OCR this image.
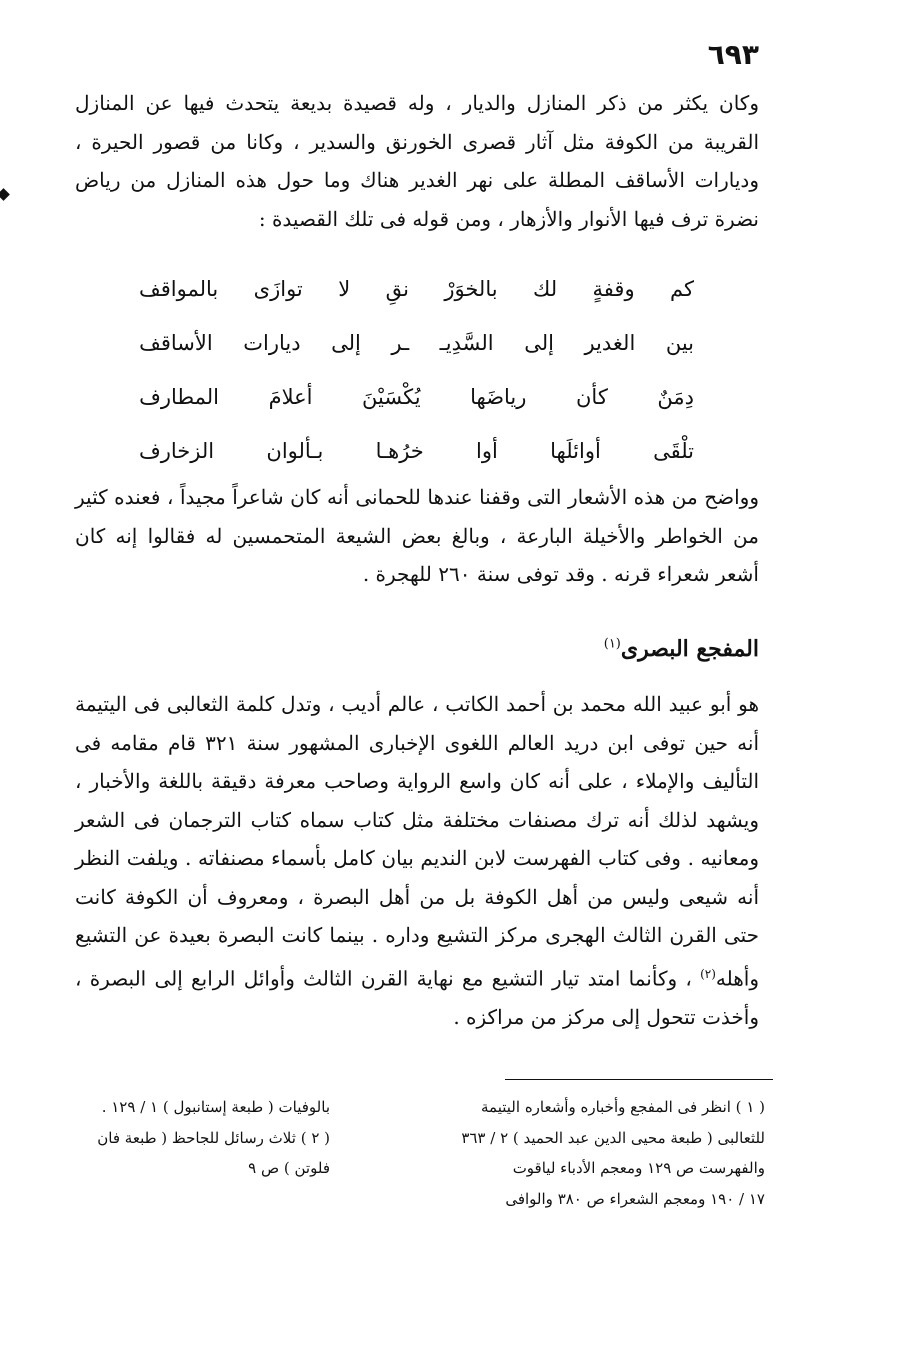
٣٩٦

وكان يكثر من ذكر المنازل والديار ، وله قصيدة بديعة يتحدث فيها عن المنازل القريبة من الكوفة مثل آثار قصرى الخورنق والسدير ، وكانا من قصور الحيرة ، وديارات الأساقف المطلة على نهر الغدير هناك وما حول هذه المنازل من رياض نضرة ترف فيها الأنوار والأزهار ، ومن قوله فى تلك القصيدة :

كم
وقفةٍ
لك
بالخوَرْ
نقِ
لا
توازَى
بالمواقف
بين
الغدير
إلى
السَّدِيـ
ـر
إلى
ديارات
الأساقف
دِمَنٌ
كأن
رياضَها
يُكْسَيْنَ
أعلامَ
المطارف
تلْقَى
أوائلَها
أوا
خرُهـا
بـألوان
الزخارف

وواضح من هذه الأشعار التى وقفنا عندها للحمانى أنه كان شاعراً مجيداً ، فعنده كثير من الخواطر والأخيلة البارعة ، وبالغ بعض الشيعة المتحمسين له فقالوا إنه كان أشعر شعراء قرنه . وقد توفى سنة ٢٦٠ للهجرة .

المفجع البصرى$^{(١)}$

هو أبو عبيد الله محمد بن أحمد الكاتب ، عالم أديب ، وتدل كلمة الثعالبى فى اليتيمة أنه حين توفى ابن دريد العالم اللغوى الإخبارى المشهور سنة ٣٢١ قام مقامه فى التأليف والإملاء ، على أنه كان واسع الرواية وصاحب معرفة دقيقة باللغة والأخبار ، ويشهد لذلك أنه ترك مصنفات مختلفة مثل كتاب سماه كتاب الترجمان فى الشعر ومعانيه . وفى كتاب الفهرست لابن النديم بيان كامل بأسماء مصنفاته . ويلفت النظر أنه شيعى وليس من أهل الكوفة بل من أهل البصرة ، ومعروف أن الكوفة كانت حتى القرن الثالث الهجرى مركز التشيع وداره . بينما كانت البصرة بعيدة عن التشيع وأهله$^{(٢)}$ ، وكأنما امتد تيار التشيع مع نهاية القرن الثالث وأوائل الرابع إلى البصرة ، وأخذت تتحول إلى مركز من مراكزه .

( ١ ) انظر فى المفجع وأخباره وأشعاره اليتيمة
للثعالبى ( طبعة محيى الدين عبد الحميد ) ٢ / ٣٦٣
والفهرست ص ١٢٩ ومعجم الأدباء لياقوت
١٧ / ١٩٠ ومعجم الشعراء ص ٣٨٠ والوافى
بالوفيات ( طبعة إستانبول ) ١ / ١٢٩ .
( ٢ ) ثلاث رسائل للجاحظ ( طبعة فان
فلوتن ) ص ٩
